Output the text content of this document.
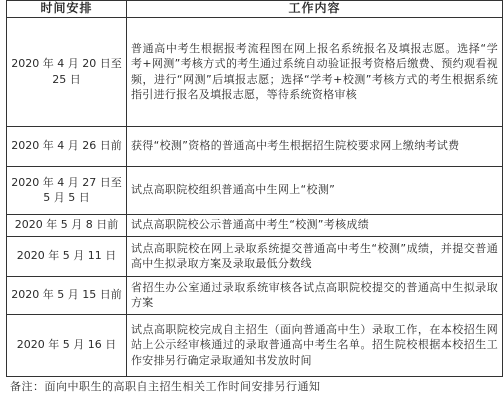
时间安排	工作内容
2020 年 4 月 20 日至 25 日	普通高中考生根据报考流程图在网上报名系统报名及填报志愿。选择“学考+网测”考核方式的考生通过系统自动验证报考资格后缴费、预约观看视频，进行“网测”后填报志愿；选择“学考+校测”考核方式的考生根据系统指引进行报名及填报志愿，等待系统资格审核
2020 年 4 月 26 日前	获得“校测”资格的普通高中考生根据招生院校要求网上缴纳考试费
2020 年 4 月 27 日至 5 月 5 日	试点高职院校组织普通高中生网上“校测”
2020 年 5 月 8 日前	试点高职院校公示普通高中考生“校测”考核成绩
2020 年 5 月 11 日	试点高职院校在网上录取系统提交普通高中考生“校测”成绩，并提交普通高中生拟录取方案及录取最低分数线
2020 年 5 月 15 日前	省招生办公室通过录取系统审核各试点高职院校提交的普通高中生拟录取方案
2020 年 5 月 16 日	试点高职院校完成自主招生（面向普通高中生）录取工作，在本校招生网站上公示经审核通过的录取普通高中考生名单。招生院校根据本校招生工作安排另行确定录取通知书发放时间
备注：面向中职生的高职自主招生相关工作时间安排另行通知
